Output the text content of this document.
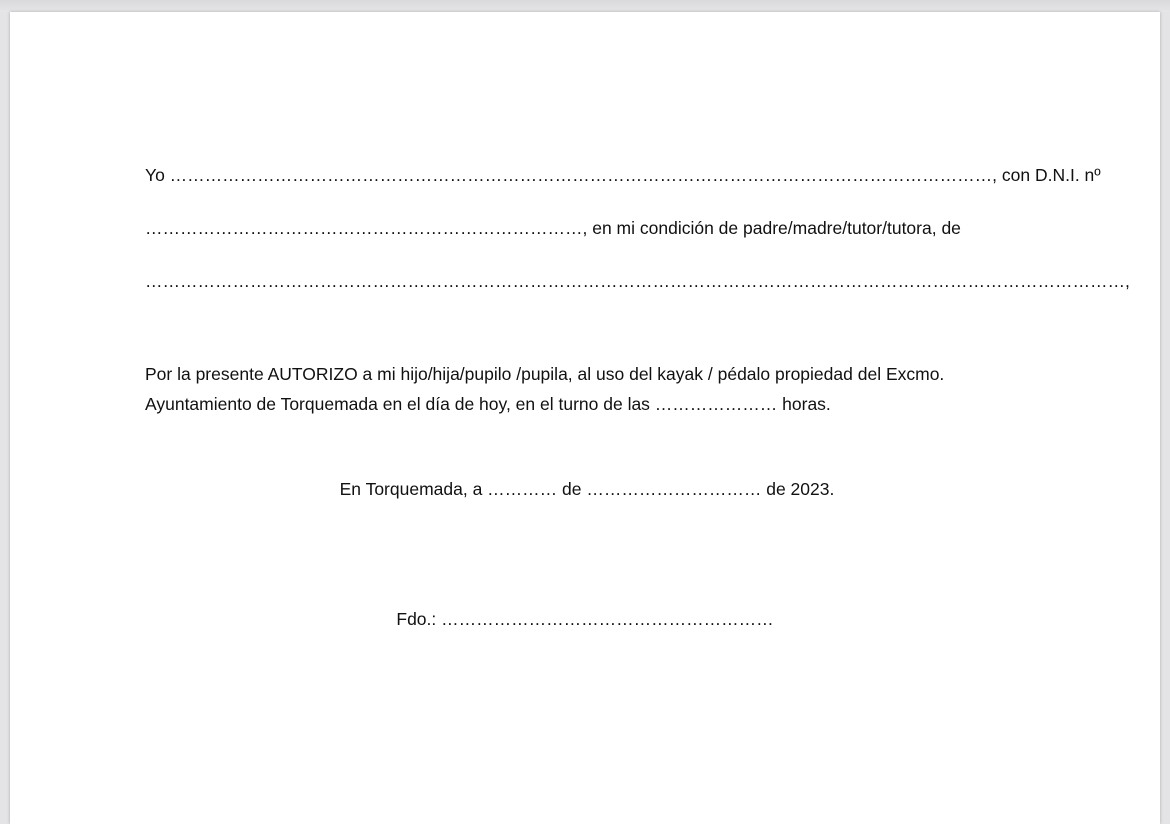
Yo ……………………………………………………………………………………………………………………………, con D.N.I. nº
…………………………………………………………………, en mi condición de padre/madre/tutor/tutora, de
……………………………………………………………………………………………………………………………………………………,
Por la presente AUTORIZO a mi hijo/hija/pupilo /pupila, al uso del kayak / pédalo propiedad del Excmo.
Ayuntamiento de Torquemada en el día de hoy, en el turno de las ………………… horas.
En Torquemada, a ………… de ………………………… de 2023.
Fdo.: …………………………………………………
